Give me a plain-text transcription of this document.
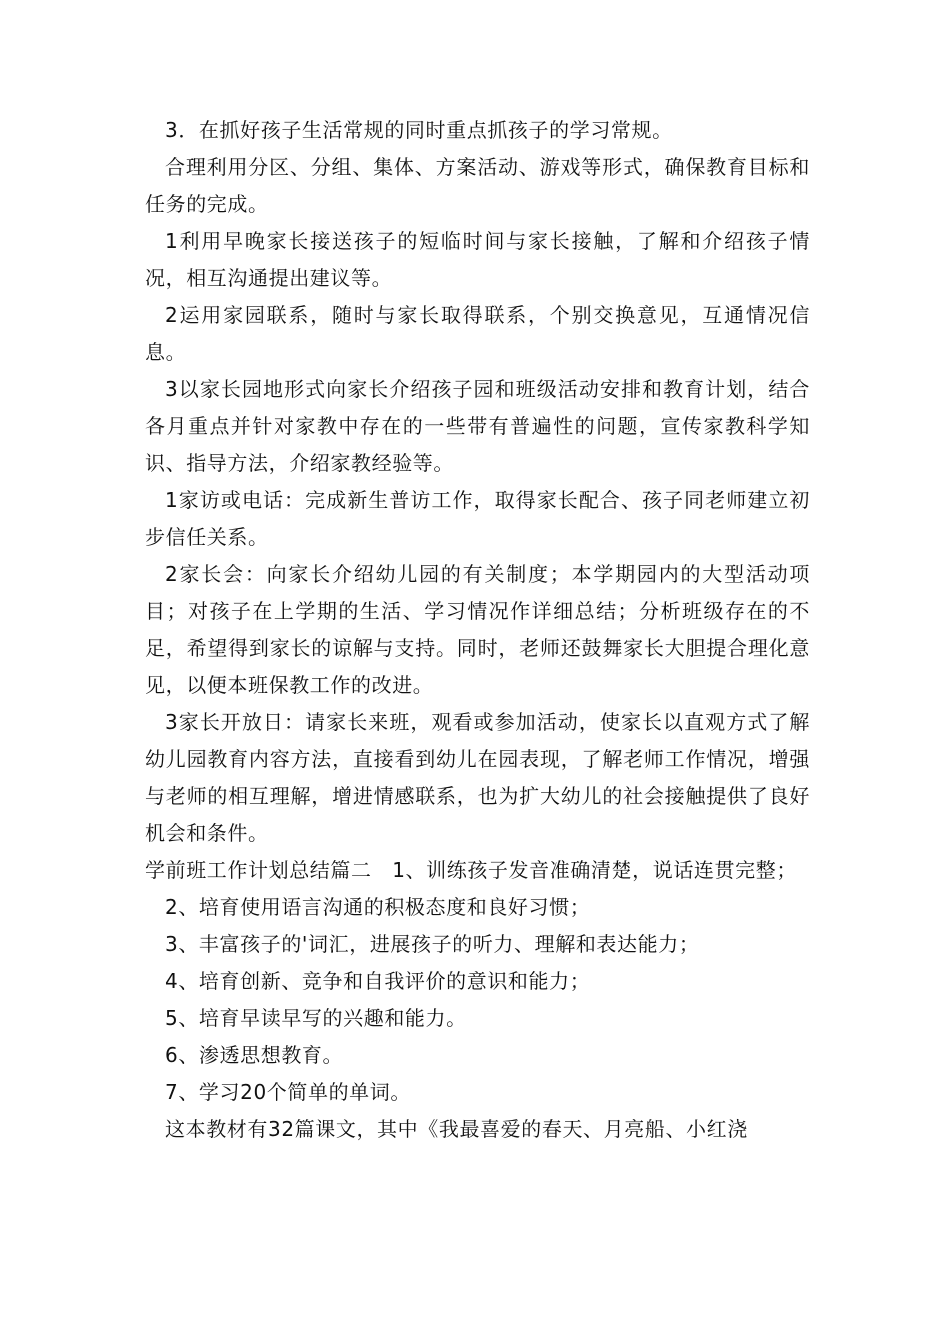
3．在抓好孩子生活常规的同时重点抓孩子的学习常规。

合理利用分区、分组、集体、方案活动、游戏等形式，确保教育目标和任务的完成。

1利用早晚家长接送孩子的短临时间与家长接触，了解和介绍孩子情况，相互沟通提出建议等。

2运用家园联系，随时与家长取得联系，个别交换意见，互通情况信息。

3以家长园地形式向家长介绍孩子园和班级活动安排和教育计划，结合各月重点并针对家教中存在的一些带有普遍性的问题，宣传家教科学知识、指导方法，介绍家教经验等。

1家访或电话：完成新生普访工作，取得家长配合、孩子同老师建立初步信任关系。

2家长会：向家长介绍幼儿园的有关制度；本学期园内的大型活动项目；对孩子在上学期的生活、学习情况作详细总结；分析班级存在的不足，希望得到家长的谅解与支持。同时，老师还鼓舞家长大胆提合理化意见，以便本班保教工作的改进。

3家长开放日：请家长来班，观看或参加活动，使家长以直观方式了解幼儿园教育内容方法，直接看到幼儿在园表现，了解老师工作情况，增强与老师的相互理解，增进情感联系，也为扩大幼儿的社会接触提供了良好机会和条件。

学前班工作计划总结篇二　1、训练孩子发音准确清楚，说话连贯完整；

2、培育使用语言沟通的积极态度和良好习惯；

3、丰富孩子的'词汇，进展孩子的听力、理解和表达能力；

4、培育创新、竞争和自我评价的意识和能力；

5、培育早读早写的兴趣和能力。

6、渗透思想教育。

7、学习20个简单的单词。

这本教材有32篇课文，其中《我最喜爱的春天、月亮船、小红浇
